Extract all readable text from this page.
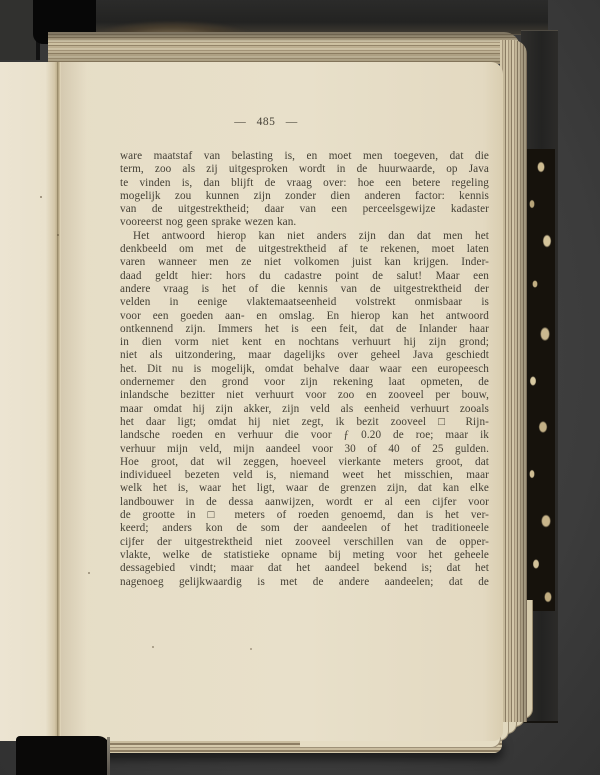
— 485 —
ware maatstaf van belasting is, en moet men toegeven, dat die
term, zoo als zij uitgesproken wordt in de huurwaarde, op Java
te vinden is, dan blijft de vraag over: hoe een betere regeling
mogelijk zou kunnen zijn zonder dien anderen factor: kennis
van de uitgestrektheid; daar van een perceelsgewijze kadaster
vooreerst nog geen sprake wezen kan.
Het antwoord hierop kan niet anders zijn dan dat men het
denkbeeld om met de uitgestrektheid af te rekenen, moet laten
varen wanneer men ze niet volkomen juist kan krijgen. Inder-
daad geldt hier: hors du cadastre point de salut! Maar een
andere vraag is het of die kennis van de uitgestrektheid der
velden in eenige vlaktemaatseenheid volstrekt onmisbaar is
voor een goeden aan- en omslag. En hierop kan het antwoord
ontkennend zijn. Immers het is een feit, dat de Inlander haar
in dien vorm niet kent en nochtans verhuurt hij zijn grond;
niet als uitzondering, maar dagelijks over geheel Java geschiedt
het. Dit nu is mogelijk, omdat behalve daar waar een europeesch
ondernemer den grond voor zijn rekening laat opmeten, de
inlandsche bezitter niet verhuurt voor zoo en zooveel per bouw,
maar omdat hij zijn akker, zijn veld als eenheid verhuurt zooals
het daar ligt; omdat hij niet zegt, ik bezit zooveel □ Rijn-
landsche roeden en verhuur die voor ƒ 0.20 de roe; maar ik
verhuur mijn veld, mijn aandeel voor 30 of 40 of 25 gulden.
Hoe groot, dat wil zeggen, hoeveel vierkante meters groot, dat
individueel bezeten veld is, niemand weet het misschien, maar
welk het is, waar het ligt, waar de grenzen zijn, dat kan elke
landbouwer in de dessa aanwijzen, wordt er al een cijfer voor
de grootte in □ meters of roeden genoemd, dan is het ver-
keerd; anders kon de som der aandeelen of het traditioneele
cijfer der uitgestrektheid niet zooveel verschillen van de opper-
vlakte, welke de statistieke opname bij meting voor het geheele
dessagebied vindt; maar dat het aandeel bekend is; dat het
nagenoeg gelijkwaardig is met de andere aandeelen; dat de
